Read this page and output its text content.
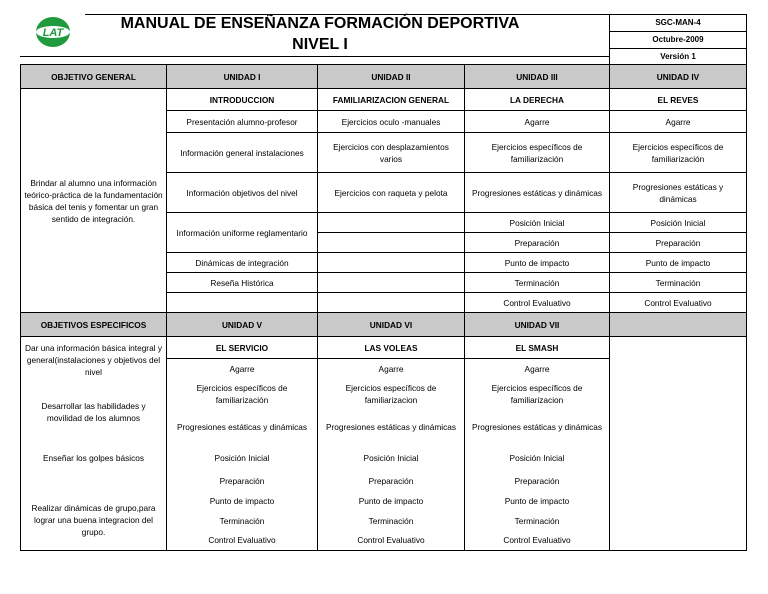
LAT
MANUAL DE ENSEÑANZA FORMACIÓN DEPORTIVA
NIVEL I
SGC-MAN-4
Octubre-2009
Versión 1
OBJETIVO GENERAL	UNIDAD I	UNIDAD II	UNIDAD III	UNIDAD IV
Brindar al alumno una información teórico-práctica de la fundamentación básica del tenis y fomentar un gran sentido de integración.	INTRODUCCION	FAMILIARIZACION GENERAL	LA DERECHA	EL REVES
	Presentación alumno-profesor	Ejercicios oculo -manuales	Agarre	Agarre
	Información general instalaciones	Ejercicios con desplazamientos varios	Ejercicios específicos de familiarización	Ejercicios específicos de familiarización
	Información objetivos del nivel	Ejercicios con raqueta y pelota	Progresiones estáticas y dinámicas	Progresiones estáticas y dinámicas
	Información uniforme reglamentario		Posición Inicial	Posición Inicial
			Preparación	Preparación
	Dinámicas de integración		Punto de impacto	Punto de impacto
	Reseña Histórica		Terminación	Terminación
			Control Evaluativo	Control Evaluativo
OBJETIVOS ESPECIFICOS	UNIDAD V	UNIDAD VI	UNIDAD VII	
Dar una información básica integral y general(instalaciones y objetivos del nivel	EL SERVICIO	LAS VOLEAS	EL SMASH	
	Agarre	Agarre	Agarre	
Desarrollar las habilidades y movilidad de los alumnos	Ejercicios específicos de familiarización	Ejercicios específicos de familiarizacion	Ejercicios específicos de familiarizacion	
	Progresiones estáticas y dinámicas	Progresiones estáticas y dinámicas	Progresiones estáticas y dinámicas	
Enseñar los golpes básicos	Posición Inicial	Posición Inicial	Posición Inicial	
	Preparación	Preparación	Preparación	
Realizar dinámicas de grupo,para lograr una buena integracion del grupo.	Punto de impacto	Punto de impacto	Punto de impacto	
	Terminación	Terminación	Terminación	
	Control Evaluativo	Control Evaluativo	Control Evaluativo	
